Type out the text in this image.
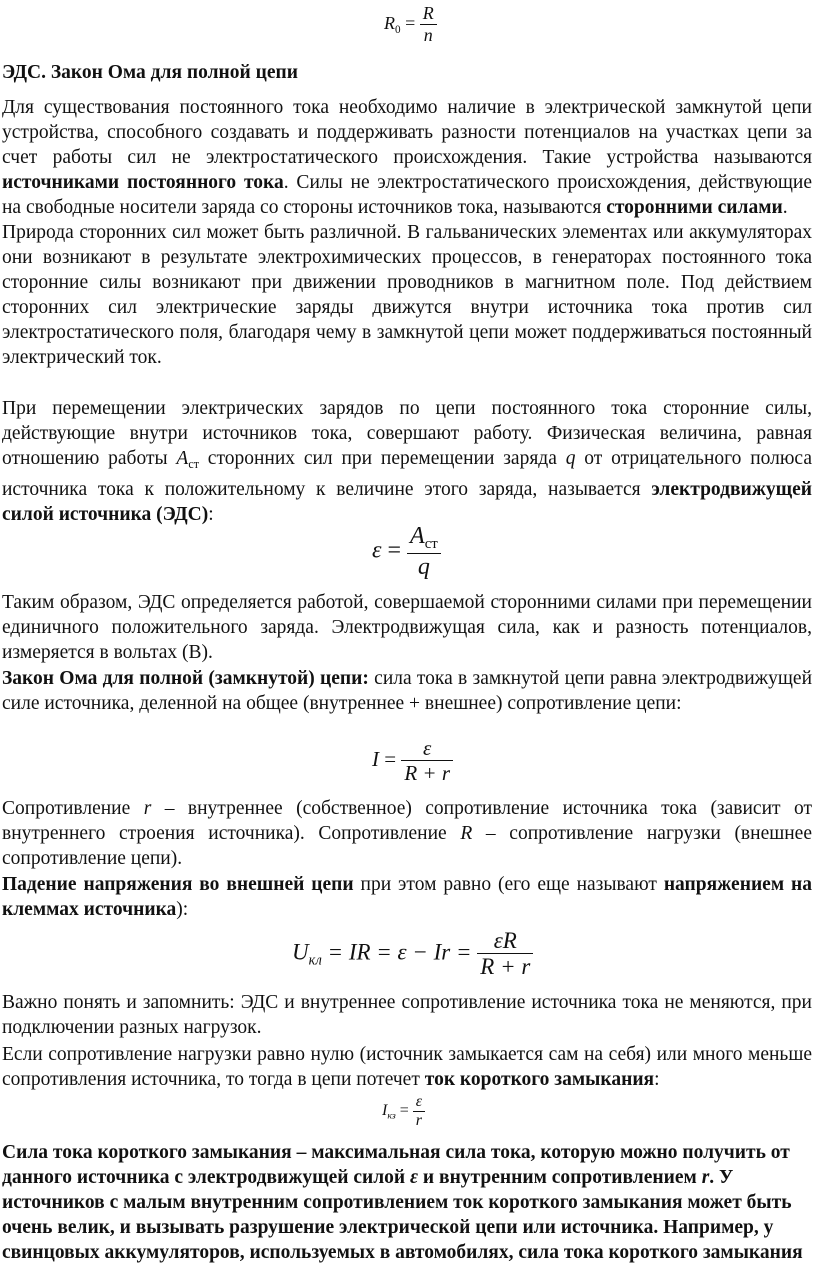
$R_0 = \frac{R}{n}$
ЭДС. Закон Ома для полной цепи

Для существования постоянного тока необходимо наличие в электрической замкнутой цепи устройства, способного создавать и поддерживать разности потенциалов на участках цепи за счет работы сил не электростатического происхождения. Такие устройства называются источниками постоянного тока. Силы не электростатического происхождения, действующие на свободные носители заряда со стороны источников тока, называются сторонними силами.

Природа сторонних сил может быть различной. В гальванических элементах или аккумуляторах они возникают в результате электрохимических процессов, в генераторах постоянного тока сторонние силы возникают при движении проводников в магнитном поле. Под действием сторонних сил электрические заряды движутся внутри источника тока против сил электростатического поля, благодаря чему в замкнутой цепи может поддерживаться постоянный электрический ток.

При перемещении электрических зарядов по цепи постоянного тока сторонние силы, действующие внутри источников тока, совершают работу. Физическая величина, равная отношению работы $A_{ст}$ сторонних сил при перемещении заряда q от отрицательного полюса источника тока к положительному к величине этого заряда, называется электродвижущей силой источника (ЭДС):

$\varepsilon = \frac{A_{ст}}{q}$

Таким образом, ЭДС определяется работой, совершаемой сторонними силами при перемещении единичного положительного заряда. Электродвижущая сила, как и разность потенциалов, измеряется в вольтах (В).

Закон Ома для полной (замкнутой) цепи: сила тока в замкнутой цепи равна электродвижущей силе источника, деленной на общее (внутреннее + внешнее) сопротивление цепи:

$I = \frac{\varepsilon}{R + r}$

Сопротивление r – внутреннее (собственное) сопротивление источника тока (зависит от внутреннего строения источника). Сопротивление R – сопротивление нагрузки (внешнее сопротивление цепи).

Падение напряжения во внешней цепи при этом равно (его еще называют напряжением на клеммах источника):

$U_{кл}$ = IR = $\varepsilon - Ir = \frac{\varepsilon R}{R + r}$

Важно понять и запомнить: ЭДС и внутреннее сопротивление источника тока не меняются, при подключении разных нагрузок.

Если сопротивление нагрузки равно нулю (источник замыкается сам на себя) или много меньше сопротивления источника, то тогда в цепи потечет ток короткого замыкания:

$I_{кз} = \frac{\varepsilon}{r}$

Сила тока короткого замыкания – максимальная сила тока, которую можно получить от данного источника с электродвижущей силой ε и внутренним сопротивлением r. У источников с малым внутренним сопротивлением ток короткого замыкания может быть очень велик, и вызывать разрушение электрической цепи или источника. Например, у свинцовых аккумуляторов, используемых в автомобилях, сила тока короткого замыкания
